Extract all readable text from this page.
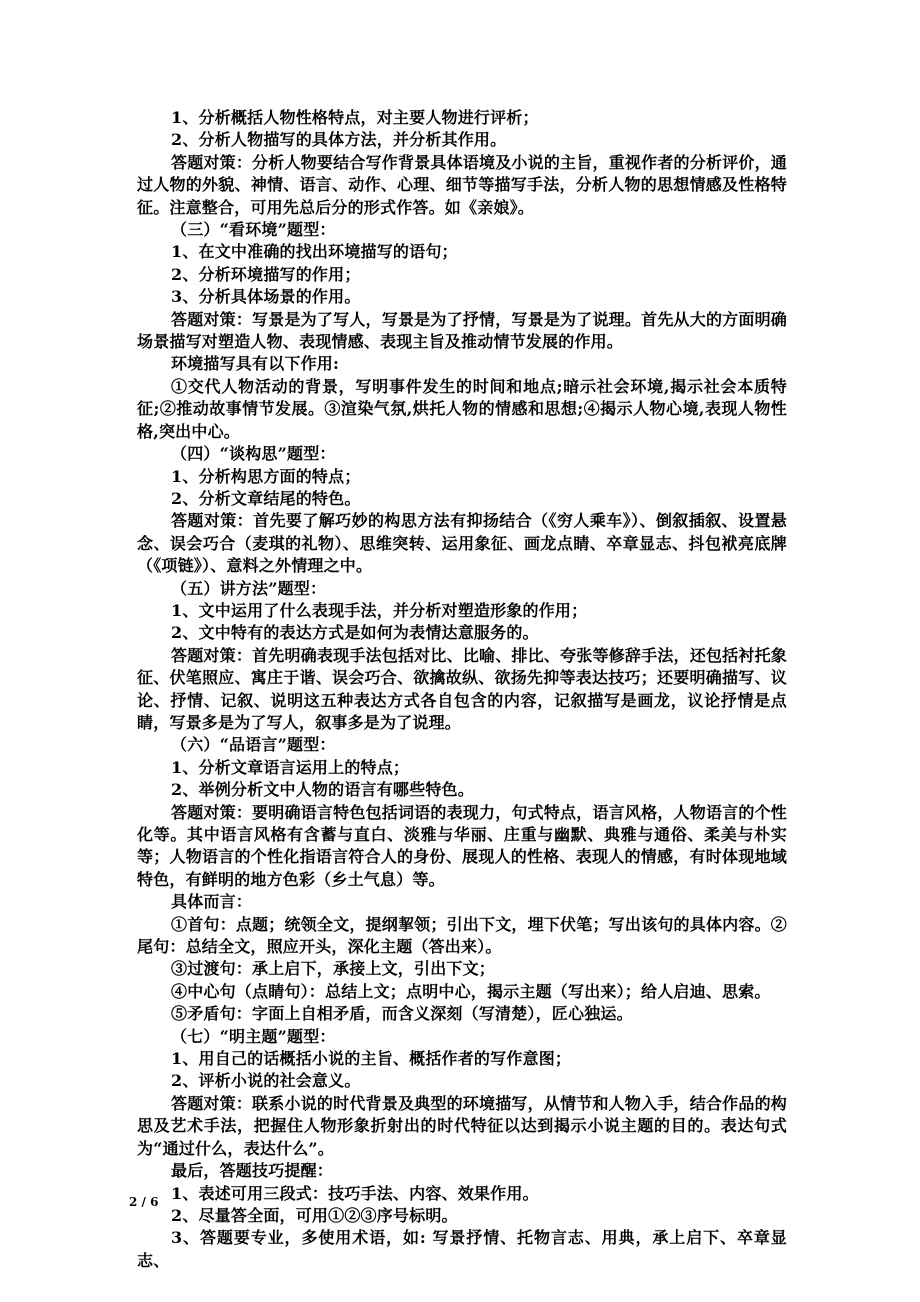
1、分析概括人物性格特点，对主要人物进行评析；

2、分析人物描写的具体方法，并分析其作用。

答题对策：分析人物要结合写作背景具体语境及小说的主旨，重视作者的分析评价，通过人物的外貌、神情、语言、动作、心理、细节等描写手法，分析人物的思想情感及性格特征。注意整合，可用先总后分的形式作答。如《亲娘》。

（三）“看环境”题型：

1、在文中准确的找出环境描写的语句；

2、分析环境描写的作用；

3、分析具体场景的作用。

答题对策：写景是为了写人，写景是为了抒情，写景是为了说理。首先从大的方面明确场景描写对塑造人物、表现情感、表现主旨及推动情节发展的作用。

环境描写具有以下作用:

①交代人物活动的背景，写明事件发生的时间和地点;暗示社会环境,揭示社会本质特征;②推动故事情节发展。③渲染气氛,烘托人物的情感和思想;④揭示人物心境,表现人物性格,突出中心。

（四）“谈构思”题型：

1、分析构思方面的特点；

2、分析文章结尾的特色。

答题对策：首先要了解巧妙的构思方法有抑扬结合（《穷人乘车》）、倒叙插叙、设置悬念、误会巧合（麦琪的礼物）、思维突转、运用象征、画龙点睛、卒章显志、抖包袱亮底牌（《项链》）、意料之外情理之中。

（五）讲方法”题型：

1、文中运用了什么表现手法，并分析对塑造形象的作用；

2、文中特有的表达方式是如何为表情达意服务的。

答题对策：首先明确表现手法包括对比、比喻、排比、夸张等修辞手法，还包括衬托象征、伏笔照应、寓庄于谐、误会巧合、欲擒故纵、欲扬先抑等表达技巧；还要明确描写、议论、抒情、记叙、说明这五种表达方式各自包含的内容，记叙描写是画龙，议论抒情是点睛，写景多是为了写人，叙事多是为了说理。

（六）“品语言”题型：

1、分析文章语言运用上的特点；

2、举例分析文中人物的语言有哪些特色。

答题对策：要明确语言特色包括词语的表现力，句式特点，语言风格，人物语言的个性化等。其中语言风格有含蓄与直白、淡雅与华丽、庄重与幽默、典雅与通俗、柔美与朴实等；人物语言的个性化指语言符合人的身份、展现人的性格、表现人的情感，有时体现地域特色，有鲜明的地方色彩（乡土气息）等。

具体而言：

①首句：点题；统领全文，提纲挈领；引出下文，埋下伏笔；写出该句的具体内容。②尾句：总结全文，照应开头，深化主题（答出来）。

③过渡句：承上启下，承接上文，引出下文；

④中心句（点睛句）：总结上文；点明中心，揭示主题（写出来）；给人启迪、思索。

⑤矛盾句：字面上自相矛盾，而含义深刻（写清楚），匠心独运。

（七）“明主题”题型：

1、用自己的话概括小说的主旨、概括作者的写作意图；

2、评析小说的社会意义。

答题对策：联系小说的时代背景及典型的环境描写，从情节和人物入手，结合作品的构思及艺术手法，把握住人物形象折射出的时代特征以达到揭示小说主题的目的。表达句式为“通过什么，表达什么”。

最后，答题技巧提醒：

1、表述可用三段式：技巧手法、内容、效果作用。

2、尽量答全面，可用①②③序号标明。

3、答题要专业，多使用术语，如: 写景抒情、托物言志、用典，承上启下、卒章显志、

2 / 6
